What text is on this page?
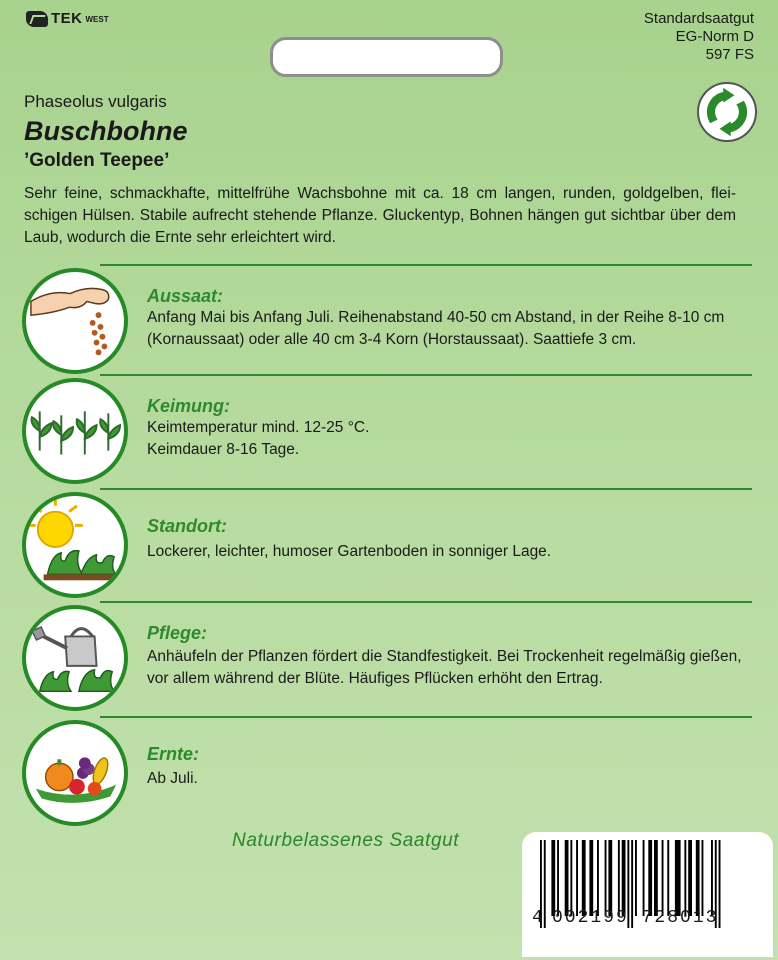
TEK WEST	Standardsaatgut
EG-Norm D
597 FS
Phaseolus vulgaris
Buschbohne
’Golden Teepee’
Sehr feine, schmackhafte, mittelfrühe Wachsbohne mit ca. 18 cm langen, runden, goldgelben, fleischigen Hülsen. Stabile aufrecht stehende Pflanze. Gluckentyp, Bohnen hängen gut sichtbar über dem Laub, wodurch die Ernte sehr erleichtert wird.
Aussaat:
Anfang Mai bis Anfang Juli. Reihenabstand 40-50 cm Abstand, in der Reihe 8-10 cm (Kornaussaat) oder alle 40 cm 3-4 Korn (Horstaussaat). Saattiefe 3 cm.
Keimung:
Keimtemperatur mind. 12-25 °C.
Keimdauer 8-16 Tage.
Standort:
Lockerer, leichter, humoser Gartenboden in sonniger Lage.
Pflege:
Anhäufeln der Pflanzen fördert die Standfestigkeit. Bei Trockenheit regelmäßig gießen, vor allem während der Blüte. Häufiges Pflücken erhöht den Ertrag.
Ernte:
Ab Juli.
Naturbelassenes Saatgut
4 002199 728013
